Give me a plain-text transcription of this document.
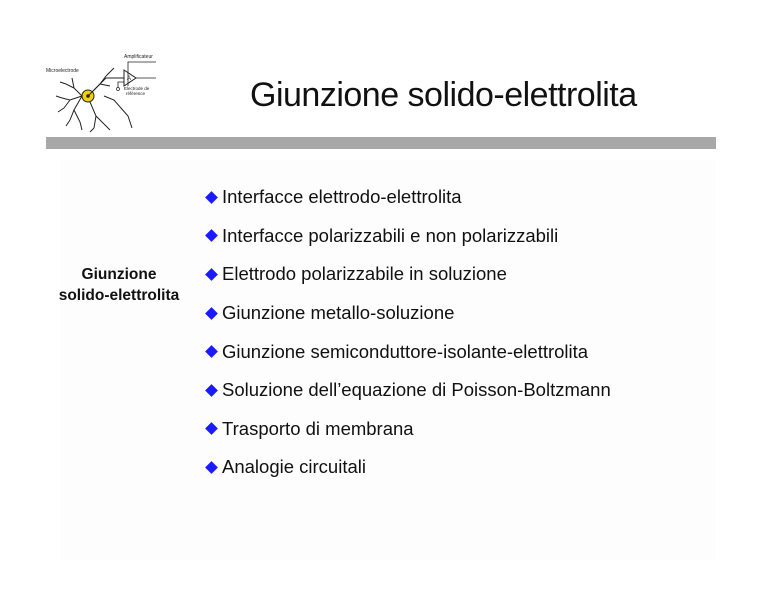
A
Amplificateur
Microelectrode
Electrode de
référence	Giunzione solido-elettrolita
Giunzione
solido-elettrolita
Interfacce elettrodo-elettrolita
Interfacce polarizzabili e non polarizzabili
Elettrodo polarizzabile in soluzione
Giunzione metallo-soluzione
Giunzione semiconduttore-isolante-elettrolita
Soluzione dell’equazione di Poisson-Boltzmann
Trasporto di membrana
Analogie circuitali
